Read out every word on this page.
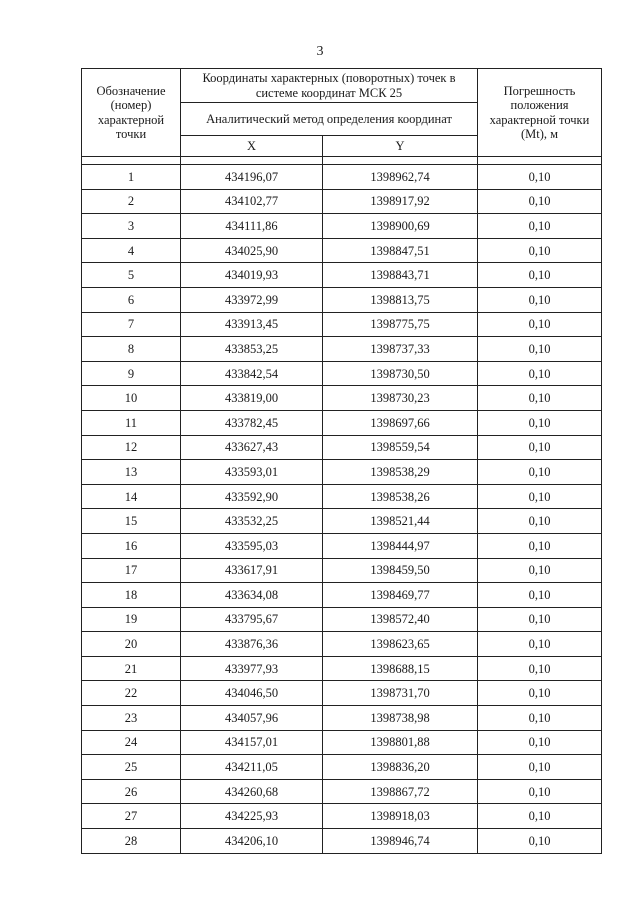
3
Обозначение (номер) характерной точки	Координаты характерных (поворотных) точек в системе координат МСК 25		Погрешность положения характерной точки (Mt), м
	Аналитический метод определения координат		
	X	Y	

1	434196,07	1398962,74	0,10
2	434102,77	1398917,92	0,10
3	434111,86	1398900,69	0,10
4	434025,90	1398847,51	0,10
5	434019,93	1398843,71	0,10
6	433972,99	1398813,75	0,10
7	433913,45	1398775,75	0,10
8	433853,25	1398737,33	0,10
9	433842,54	1398730,50	0,10
10	433819,00	1398730,23	0,10
11	433782,45	1398697,66	0,10
12	433627,43	1398559,54	0,10
13	433593,01	1398538,29	0,10
14	433592,90	1398538,26	0,10
15	433532,25	1398521,44	0,10
16	433595,03	1398444,97	0,10
17	433617,91	1398459,50	0,10
18	433634,08	1398469,77	0,10
19	433795,67	1398572,40	0,10
20	433876,36	1398623,65	0,10
21	433977,93	1398688,15	0,10
22	434046,50	1398731,70	0,10
23	434057,96	1398738,98	0,10
24	434157,01	1398801,88	0,10
25	434211,05	1398836,20	0,10
26	434260,68	1398867,72	0,10
27	434225,93	1398918,03	0,10
28	434206,10	1398946,74	0,10
